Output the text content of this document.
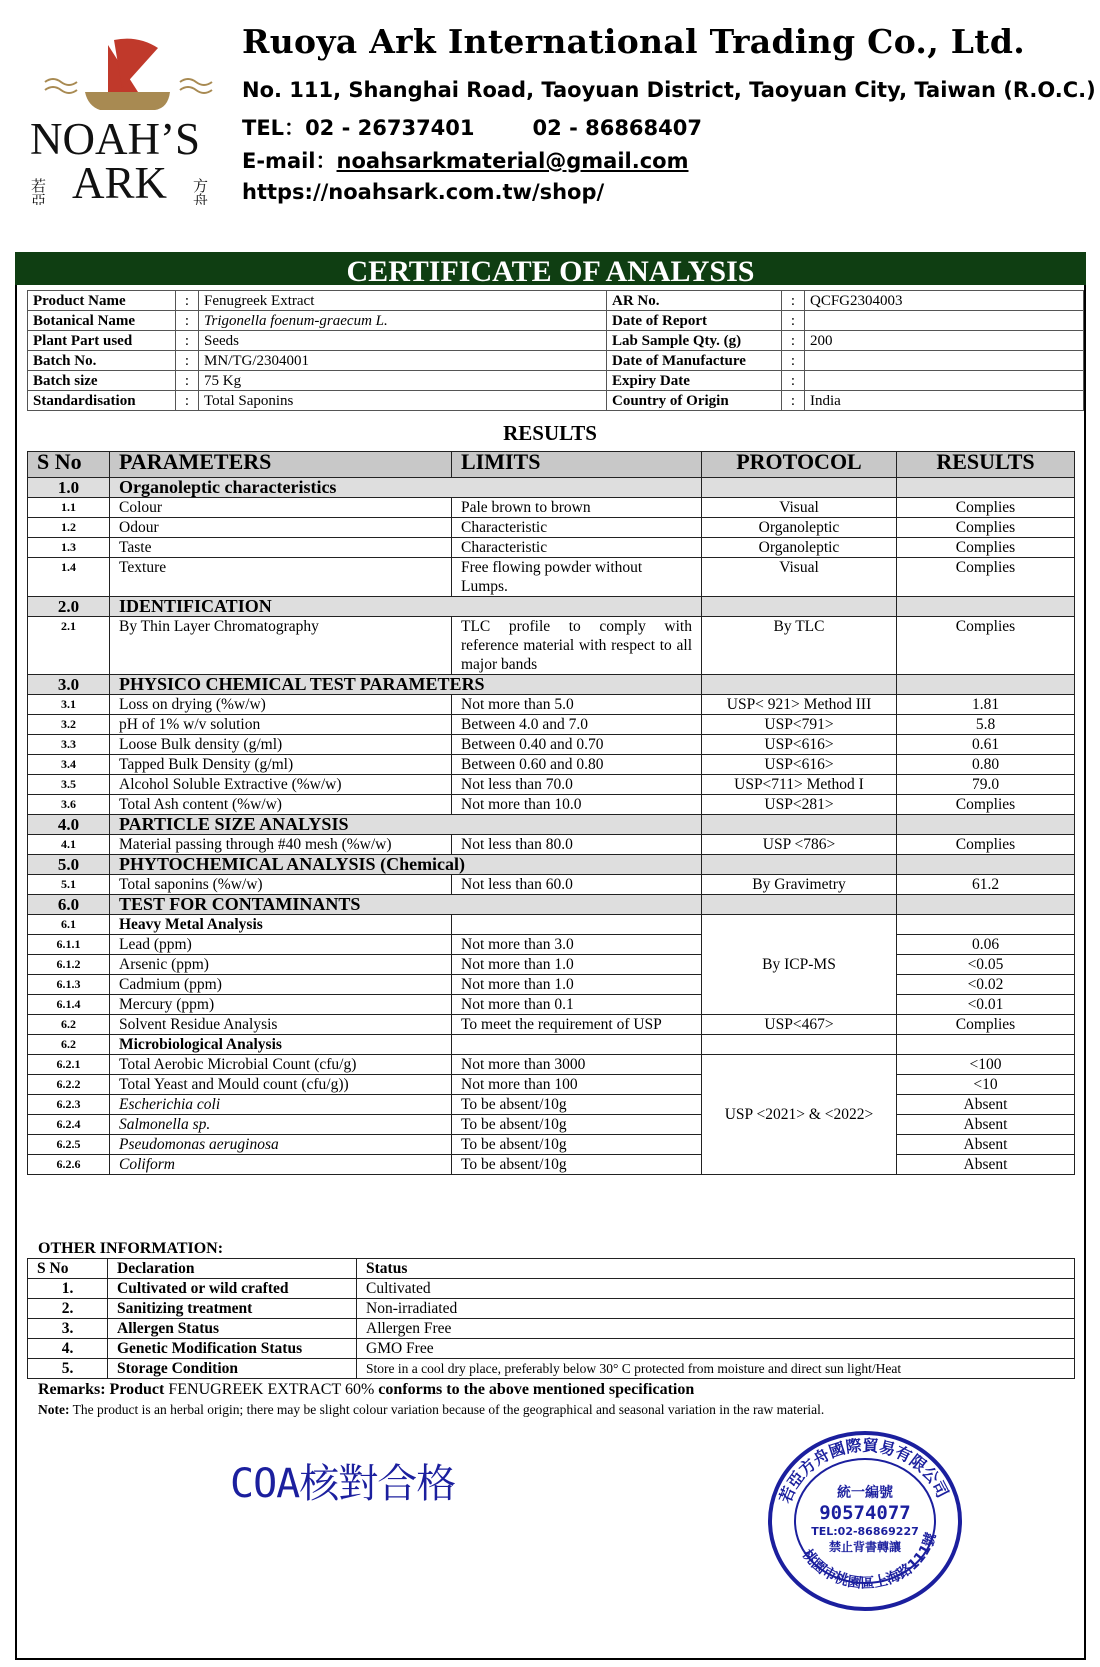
NOAH’S
ARK
若亞	方舟
Ruoya Ark International Trading Co., Ltd.
No. 111, Shanghai Road, Taoyuan District, Taoyuan City, Taiwan (R.O.C.)
TEL：02 - 26737401	02 - 86868407
E-mail：noahsarkmaterial@gmail.com
https://noahsark.com.tw/shop/
CERTIFICATE OF ANALYSIS
Product Name	:	Fenugreek Extract	AR No.	:	QCFG2304003
Botanical Name	:	Trigonella foenum-graecum L.	Date of Report	:	
Plant Part used	:	Seeds	Lab Sample Qty. (g)	:	200
Batch No.	:	MN/TG/2304001	Date of Manufacture	:	
Batch size	:	75 Kg	Expiry Date	:	
Standardisation	:	Total Saponins	Country of Origin	:	India
RESULTS
S No	PARAMETERS	LIMITS	PROTOCOL	RESULTS
1.0	Organoleptic characteristics			
1.1	Colour	Pale brown to brown	Visual	Complies
1.2	Odour	Characteristic	Organoleptic	Complies
1.3	Taste	Characteristic	Organoleptic	Complies
1.4	Texture	Free flowing powder without Lumps.	Visual	Complies
2.0	IDENTIFICATION			
2.1	By Thin Layer Chromatography	TLC profile to comply with reference material with respect to all major bands	By TLC	Complies
3.0	PHYSICO CHEMICAL TEST PARAMETERS			
3.1	Loss on drying (%w/w)	Not more than 5.0	USP< 921> Method III	1.81
3.2	pH of 1% w/v solution	Between 4.0 and 7.0	USP<791>	5.8
3.3	Loose Bulk density (g/ml)	Between 0.40 and 0.70	USP<616>	0.61
3.4	Tapped Bulk Density (g/ml)	Between 0.60 and 0.80	USP<616>	0.80
3.5	Alcohol Soluble Extractive (%w/w)	Not less than 70.0	USP<711> Method I	79.0
3.6	Total Ash content (%w/w)	Not more than 10.0	USP<281>	Complies
4.0	PARTICLE SIZE ANALYSIS			
4.1	Material passing through #40 mesh (%w/w)	Not less than 80.0	USP <786>	Complies
5.0	PHYTOCHEMICAL ANALYSIS (Chemical)			
5.1	Total saponins (%w/w)	Not less than 60.0	By Gravimetry	61.2
6.0	TEST FOR CONTAMINANTS			
6.1	Heavy Metal Analysis		By ICP-MS	
6.1.1	Lead (ppm)	Not more than 3.0		0.06
6.1.2	Arsenic (ppm)	Not more than 1.0		<0.05
6.1.3	Cadmium (ppm)	Not more than 1.0		<0.02
6.1.4	Mercury (ppm)	Not more than 0.1		<0.01
6.2	Solvent Residue Analysis	To meet the requirement of USP	USP<467>	Complies
6.2	Microbiological Analysis			
6.2.1	Total Aerobic Microbial Count (cfu/g)	Not more than 3000	USP <2021> & <2022>	<100
6.2.2	Total Yeast and Mould count (cfu/g))	Not more than 100		<10
6.2.3	Escherichia coli	To be absent/10g		Absent
6.2.4	Salmonella sp.	To be absent/10g		Absent
6.2.5	Pseudomonas aeruginosa	To be absent/10g		Absent
6.2.6	Coliform	To be absent/10g		Absent
OTHER INFORMATION:
S No	Declaration	Status
1.	Cultivated or wild crafted	Cultivated
2.	Sanitizing treatment	Non-irradiated
3.	Allergen Status	Allergen Free
4.	Genetic Modification Status	GMO Free
5.	Storage Condition	Store in a cool dry place, preferably below 30° C protected from moisture and direct sun light/Heat
Remarks: Product FENUGREEK EXTRACT 60% conforms to the above mentioned specification
Note: The product is an herbal origin; there may be slight colour variation because of the geographical and seasonal variation in the raw material.
COA核對合格	若亞方舟國際貿易有限公司
桃園市桃園區上海路111號
統一編號
90574077
TEL:02-86869227
禁止背書轉讓
